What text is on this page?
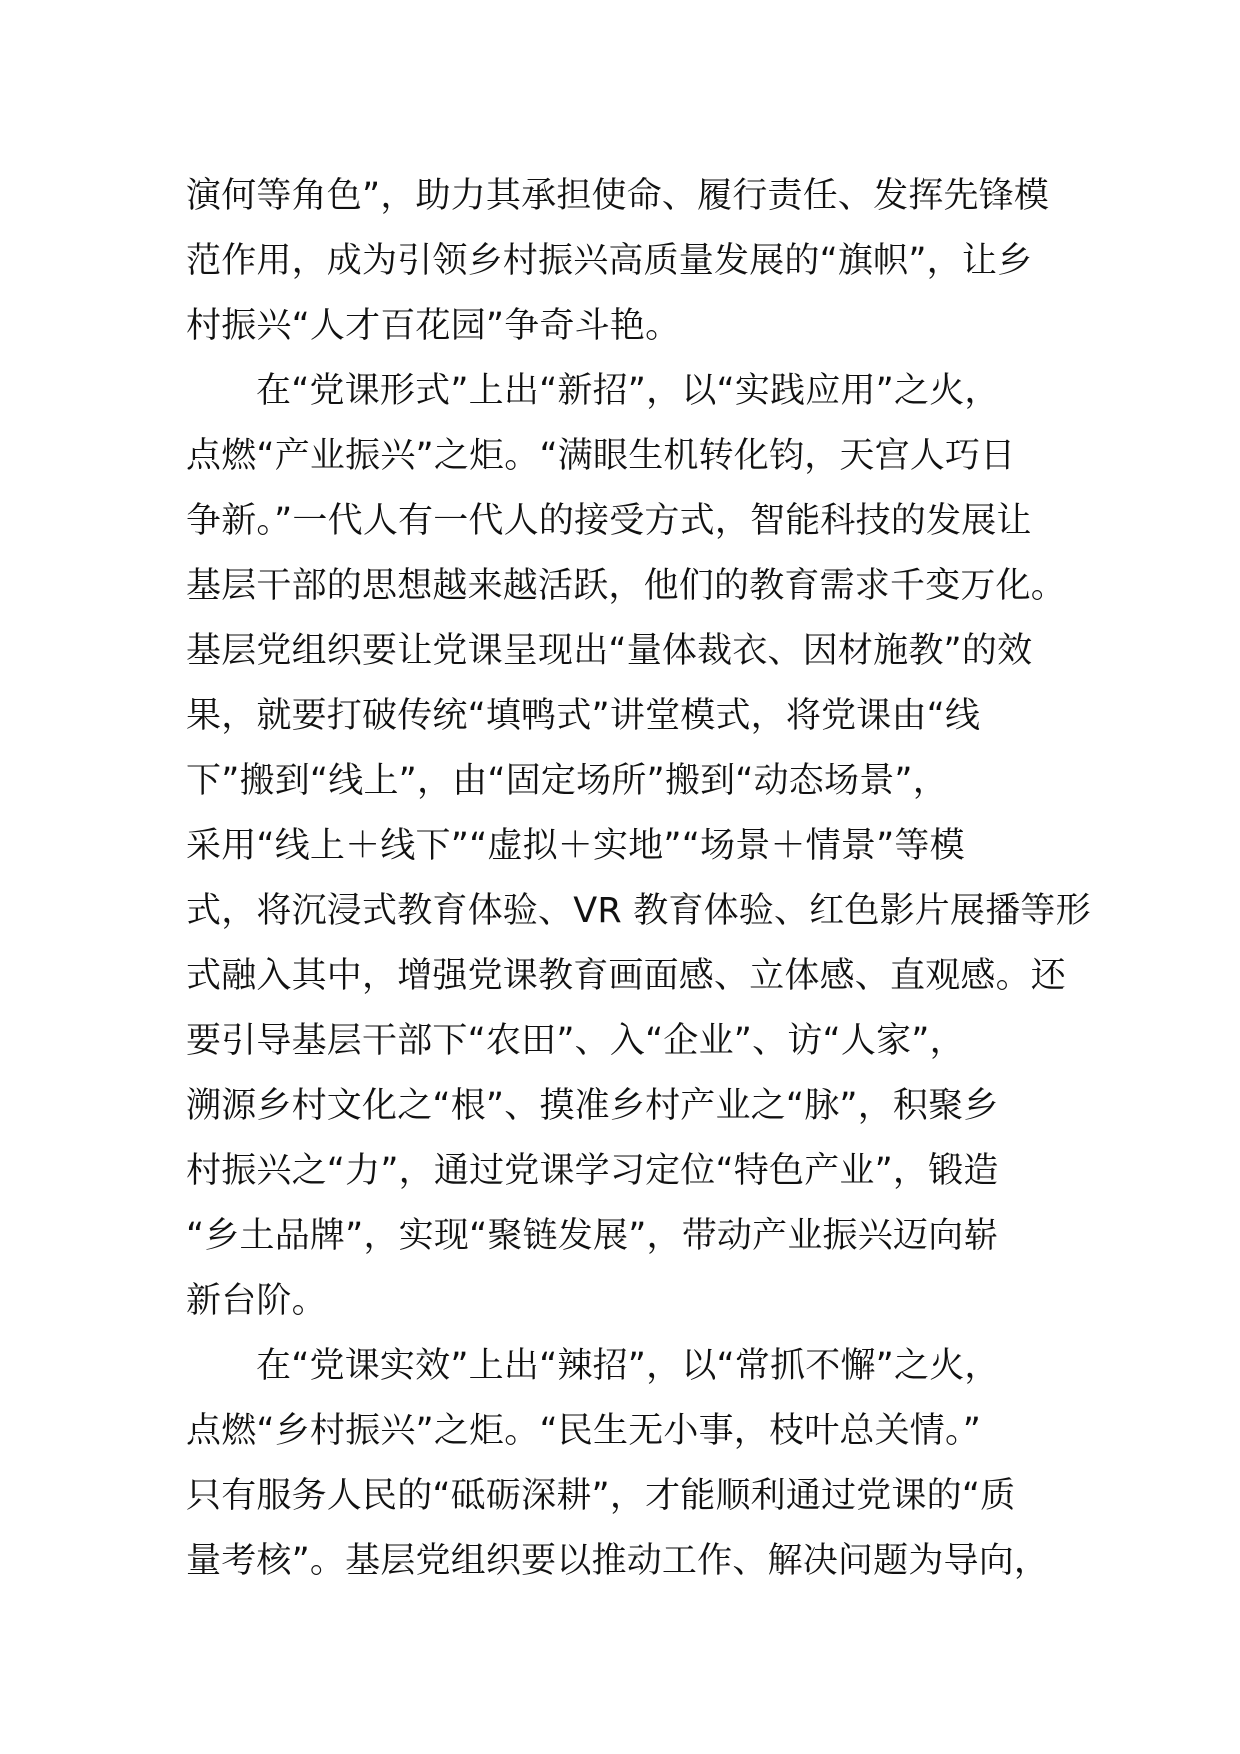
演何等角色”，助力其承担使命、履行责任、发挥先锋模
范作用，成为引领乡村振兴高质量发展的“旗帜”，让乡
村振兴“人才百花园”争奇斗艳。
在“党课形式”上出“新招”，以“实践应用”之火，
点燃“产业振兴”之炬。“满眼生机转化钧，天宫人巧日
争新。”一代人有一代人的接受方式，智能科技的发展让
基层干部的思想越来越活跃，他们的教育需求千变万化。
基层党组织要让党课呈现出“量体裁衣、因材施教”的效
果，就要打破传统“填鸭式”讲堂模式，将党课由“线
下”搬到“线上”，由“固定场所”搬到“动态场景”，
采用“线上＋线下”“虚拟＋实地”“场景＋情景”等模
式，将沉浸式教育体验、VR 教育体验、红色影片展播等形
式融入其中，增强党课教育画面感、立体感、直观感。还
要引导基层干部下“农田”、入“企业”、访“人家”，
溯源乡村文化之“根”、摸准乡村产业之“脉”，积聚乡
村振兴之“力”，通过党课学习定位“特色产业”，锻造
“乡土品牌”，实现“聚链发展”，带动产业振兴迈向崭
新台阶。
在“党课实效”上出“辣招”，以“常抓不懈”之火，
点燃“乡村振兴”之炬。“民生无小事，枝叶总关情。”
只有服务人民的“砥砺深耕”，才能顺利通过党课的“质
量考核”。基层党组织要以推动工作、解决问题为导向，
